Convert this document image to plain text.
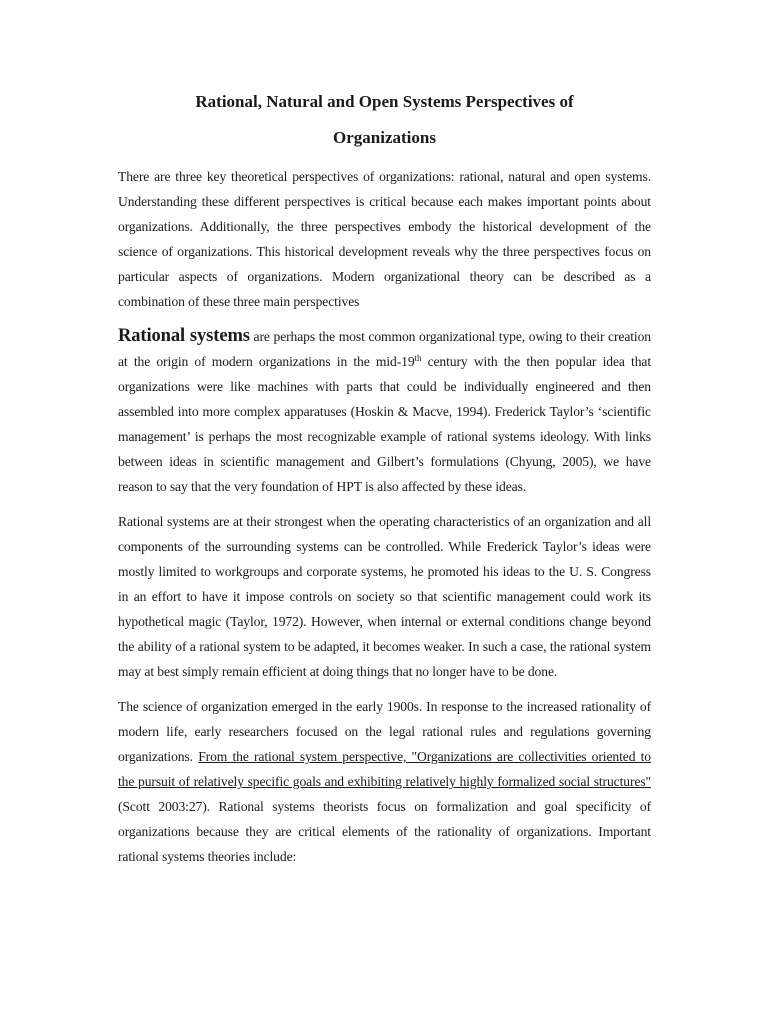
Rational, Natural and Open Systems Perspectives of
Organizations

There are three key theoretical perspectives of organizations: rational, natural and open systems. Understanding these different perspectives is critical because each makes important points about organizations. Additionally, the three perspectives embody the historical development of the science of organizations. This historical development reveals why the three perspectives focus on particular aspects of organizations. Modern organizational theory can be described as a combination of these three main perspectives

Rational systems are perhaps the most common organizational type, owing to their creation at the origin of modern organizations in the mid-19th century with the then popular idea that organizations were like machines with parts that could be individually engineered and then assembled into more complex apparatuses (Hoskin & Macve, 1994). Frederick Taylor’s ‘scientific management’ is perhaps the most recognizable example of rational systems ideology. With links between ideas in scientific management and Gilbert’s formulations (Chyung, 2005), we have reason to say that the very foundation of HPT is also affected by these ideas.

Rational systems are at their strongest when the operating characteristics of an organization and all components of the surrounding systems can be controlled. While Frederick Taylor’s ideas were mostly limited to workgroups and corporate systems, he promoted his ideas to the U. S. Congress in an effort to have it impose controls on society so that scientific management could work its hypothetical magic (Taylor, 1972). However, when internal or external conditions change beyond the ability of a rational system to be adapted, it becomes weaker. In such a case, the rational system may at best simply remain efficient at doing things that no longer have to be done.

The science of organization emerged in the early 1900s. In response to the increased rationality of modern life, early researchers focused on the legal rational rules and regulations governing organizations. From the rational system perspective, "Organizations are collectivities oriented to the pursuit of relatively specific goals and exhibiting relatively highly formalized social structures" (Scott 2003:27). Rational systems theorists focus on formalization and goal specificity of organizations because they are critical elements of the rationality of organizations. Important rational systems theories include:
